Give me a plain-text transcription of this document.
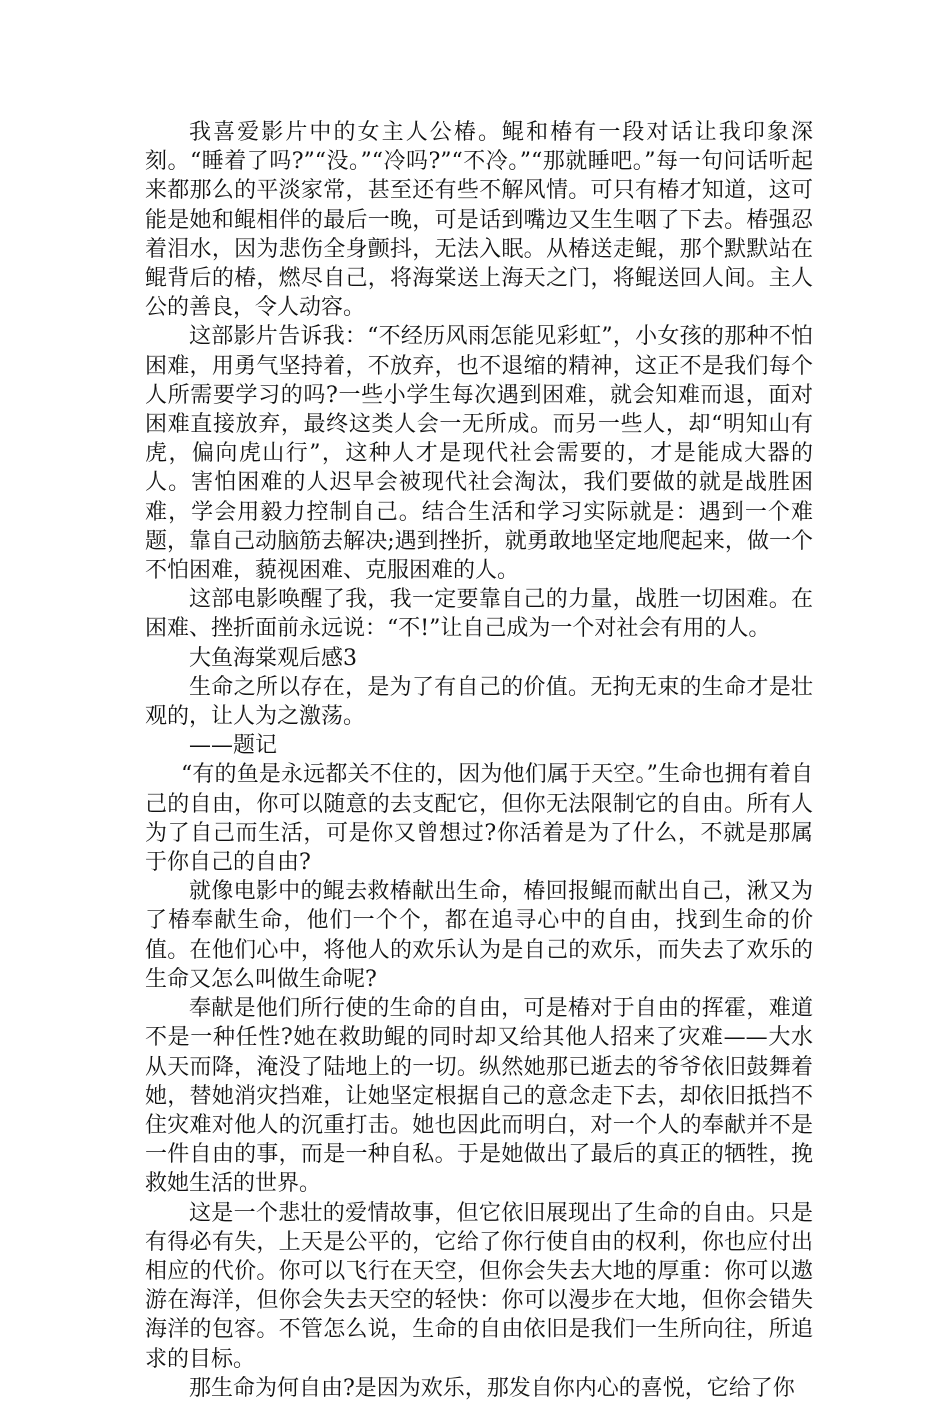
我喜爱影片中的女主人公椿。鲲和椿有一段对话让我印象深刻。“睡着了吗?”“没。”“冷吗?”“不冷。”“那就睡吧。”每一句问话听起来都那么的平淡家常，甚至还有些不解风情。可只有椿才知道，这可能是她和鲲相伴的最后一晚，可是话到嘴边又生生咽了下去。椿强忍着泪水，因为悲伤全身颤抖，无法入眠。从椿送走鲲，那个默默站在鲲背后的椿，燃尽自己，将海棠送上海天之门，将鲲送回人间。主人公的善良，令人动容。

这部影片告诉我：“不经历风雨怎能见彩虹”，小女孩的那种不怕困难，用勇气坚持着，不放弃，也不退缩的精神，这正不是我们每个人所需要学习的吗?一些小学生每次遇到困难，就会知难而退，面对困难直接放弃，最终这类人会一无所成。而另一些人，却“明知山有虎，偏向虎山行”，这种人才是现代社会需要的，才是能成大器的人。害怕困难的人迟早会被现代社会淘汰，我们要做的就是战胜困难，学会用毅力控制自己。结合生活和学习实际就是：遇到一个难题，靠自己动脑筋去解决;遇到挫折，就勇敢地坚定地爬起来，做一个不怕困难，藐视困难、克服困难的人。

这部电影唤醒了我，我一定要靠自己的力量，战胜一切困难。在困难、挫折面前永远说：“不!”让自己成为一个对社会有用的人。

大鱼海棠观后感3

生命之所以存在，是为了有自己的价值。无拘无束的生命才是壮观的，让人为之激荡。

——题记

“有的鱼是永远都关不住的，因为他们属于天空。”生命也拥有着自己的自由，你可以随意的去支配它，但你无法限制它的自由。所有人为了自己而生活，可是你又曾想过?你活着是为了什么，不就是那属于你自己的自由?

就像电影中的鲲去救椿献出生命，椿回报鲲而献出自己，湫又为了椿奉献生命，他们一个个，都在追寻心中的自由，找到生命的价值。在他们心中，将他人的欢乐认为是自己的欢乐，而失去了欢乐的生命又怎么叫做生命呢?

奉献是他们所行使的生命的自由，可是椿对于自由的挥霍，难道不是一种任性?她在救助鲲的同时却又给其他人招来了灾难——大水从天而降，淹没了陆地上的一切。纵然她那已逝去的爷爷依旧鼓舞着她，替她消灾挡难，让她坚定根据自己的意念走下去，却依旧抵挡不住灾难对他人的沉重打击。她也因此而明白，对一个人的奉献并不是一件自由的事，而是一种自私。于是她做出了最后的真正的牺牲，挽救她生活的世界。

这是一个悲壮的爱情故事，但它依旧展现出了生命的自由。只是有得必有失，上天是公平的，它给了你行使自由的权利，你也应付出相应的代价。你可以飞行在天空，但你会失去大地的厚重：你可以遨游在海洋，但你会失去天空的轻快：你可以漫步在大地，但你会错失海洋的包容。不管怎么说，生命的自由依旧是我们一生所向往，所追求的目标。

那生命为何自由?是因为欢乐，那发自你内心的喜悦，它给了你
